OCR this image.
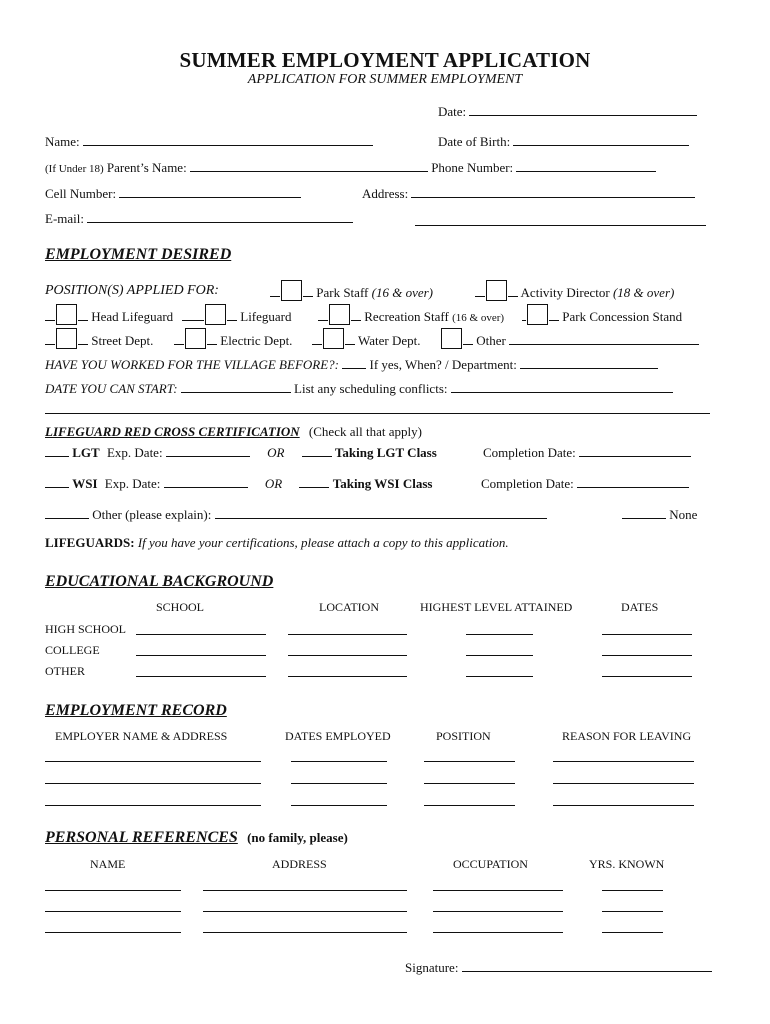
SUMMER EMPLOYMENT APPLICATION
APPLICATION FOR SUMMER EMPLOYMENT
Date:
Name:	Date of Birth:
(If Under 18) Parent’s Name:	Phone Number:
Cell Number:	Address:
E-mail:
EMPLOYMENT DESIRED
POSITION(S) APPLIED FOR:	Park Staff (16 & over)	Activity Director (18 & over)
Head Lifeguard	Lifeguard	Recreation Staff (16 & over)	Park Concession Stand
Street Dept.	Electric Dept.	Water Dept.	Other
HAVE YOU WORKED FOR THE VILLAGE BEFORE?: If yes, When? / Department:
DATE YOU CAN START:	List any scheduling conflicts:
LIFEGUARD RED CROSS CERTIFICATION (Check all that apply)
LGT Exp. Date:	OR	Taking LGT Class	Completion Date:
WSI Exp. Date:	OR	Taking WSI Class	Completion Date:
Other (please explain):	None
LIFEGUARDS: If you have your certifications, please attach a copy to this application.
EDUCATIONAL BACKGROUND
SCHOOL	LOCATION	HIGHEST LEVEL ATTAINED	DATES
HIGH SCHOOL
COLLEGE
OTHER
EMPLOYMENT RECORD
EMPLOYER NAME & ADDRESS	DATES EMPLOYED	POSITION	REASON FOR LEAVING
PERSONAL REFERENCES (no family, please)
NAME	ADDRESS	OCCUPATION	YRS. KNOWN
Signature:
